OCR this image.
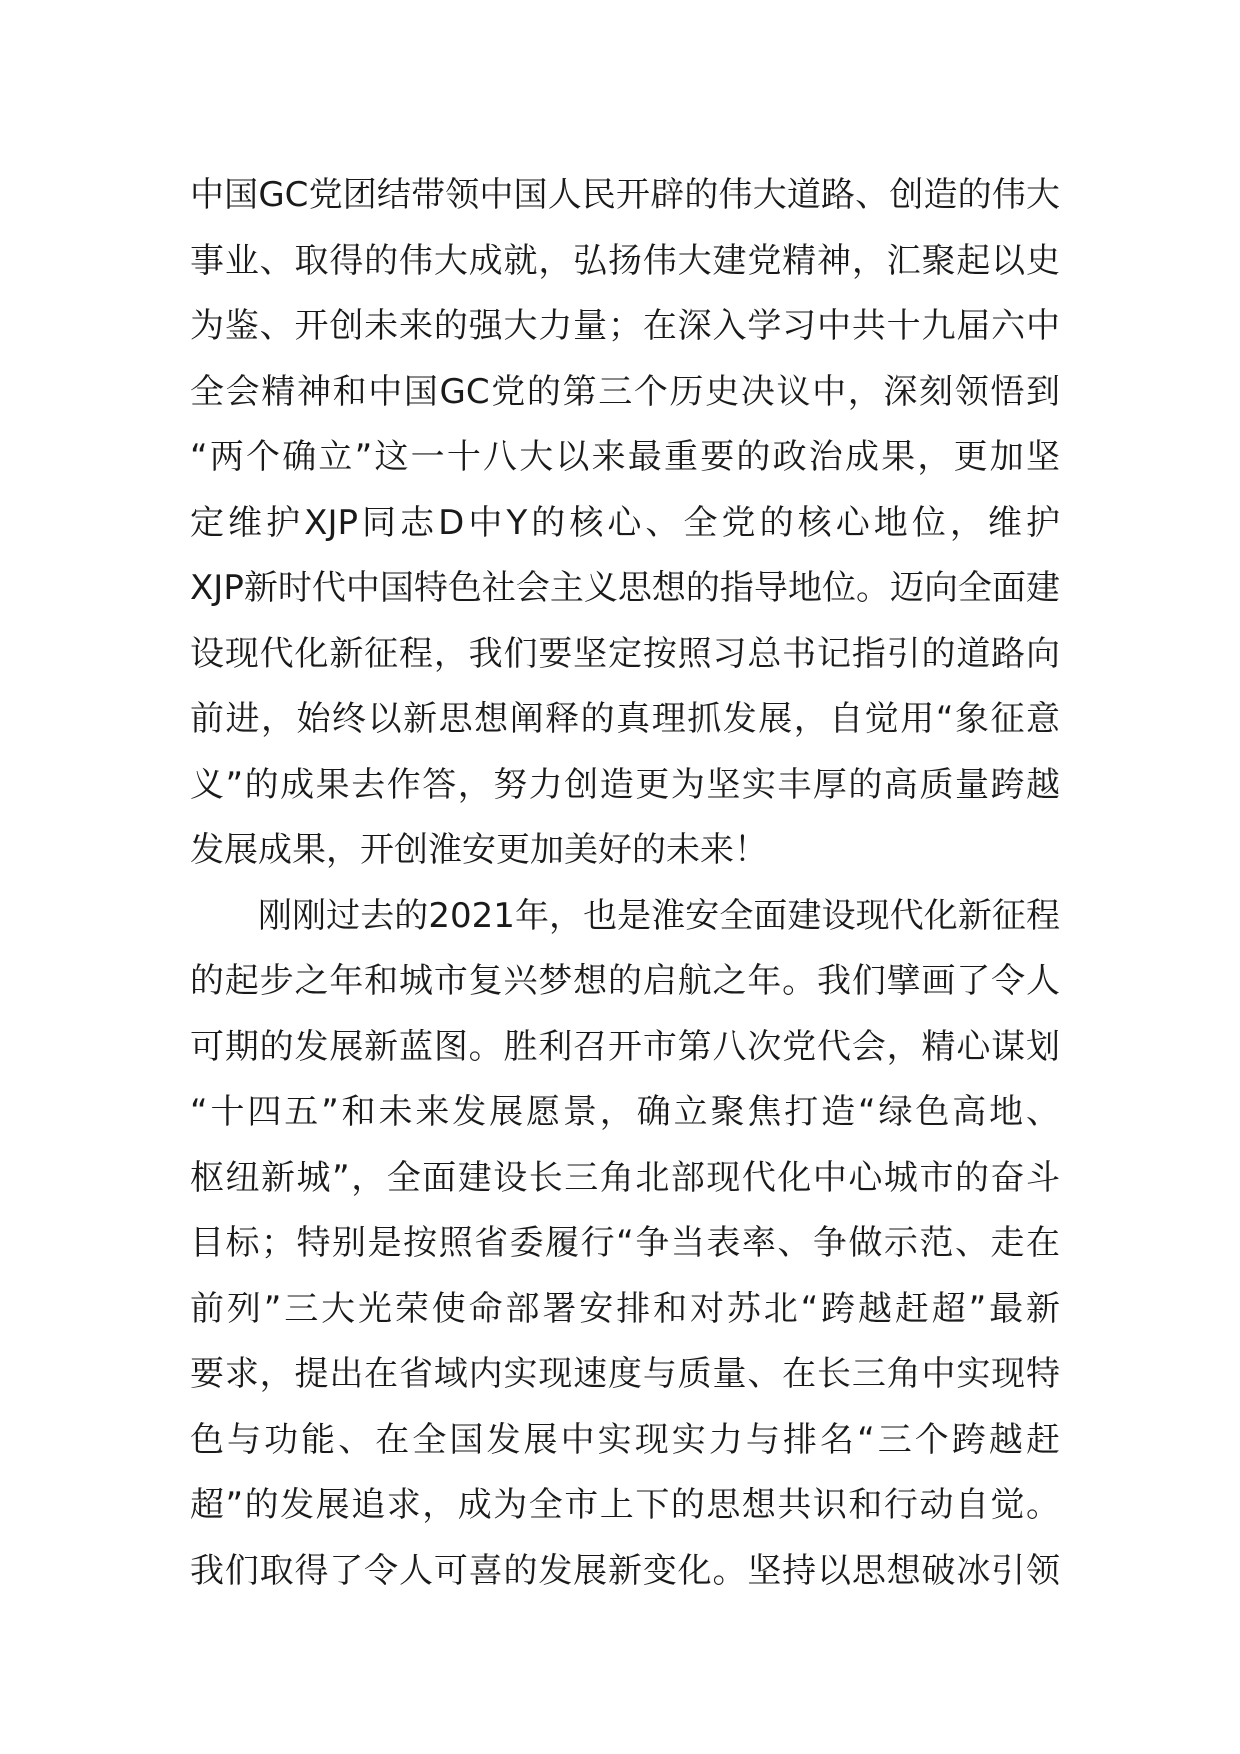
中国GC党团结带领中国人民开辟的伟大道路、创造的伟大
事业、取得的伟大成就，弘扬伟大建党精神，汇聚起以史
为鉴、开创未来的强大力量；在深入学习中共十九届六中
全会精神和中国GC党的第三个历史决议中，深刻领悟到
“两个确立”这一十八大以来最重要的政治成果，更加坚
定维护XJP同志D中Y的核心、全党的核心地位，维护
XJP新时代中国特色社会主义思想的指导地位。迈向全面建
设现代化新征程，我们要坚定按照习总书记指引的道路向
前进，始终以新思想阐释的真理抓发展，自觉用“象征意
义”的成果去作答，努力创造更为坚实丰厚的高质量跨越
发展成果，开创淮安更加美好的未来！
刚刚过去的2021年，也是淮安全面建设现代化新征程
的起步之年和城市复兴梦想的启航之年。我们擘画了令人
可期的发展新蓝图。胜利召开市第八次党代会，精心谋划
“十四五”和未来发展愿景，确立聚焦打造“绿色高地、
枢纽新城”，全面建设长三角北部现代化中心城市的奋斗
目标；特别是按照省委履行“争当表率、争做示范、走在
前列”三大光荣使命部署安排和对苏北“跨越赶超”最新
要求，提出在省域内实现速度与质量、在长三角中实现特
色与功能、在全国发展中实现实力与排名“三个跨越赶
超”的发展追求，成为全市上下的思想共识和行动自觉。
我们取得了令人可喜的发展新变化。坚持以思想破冰引领
